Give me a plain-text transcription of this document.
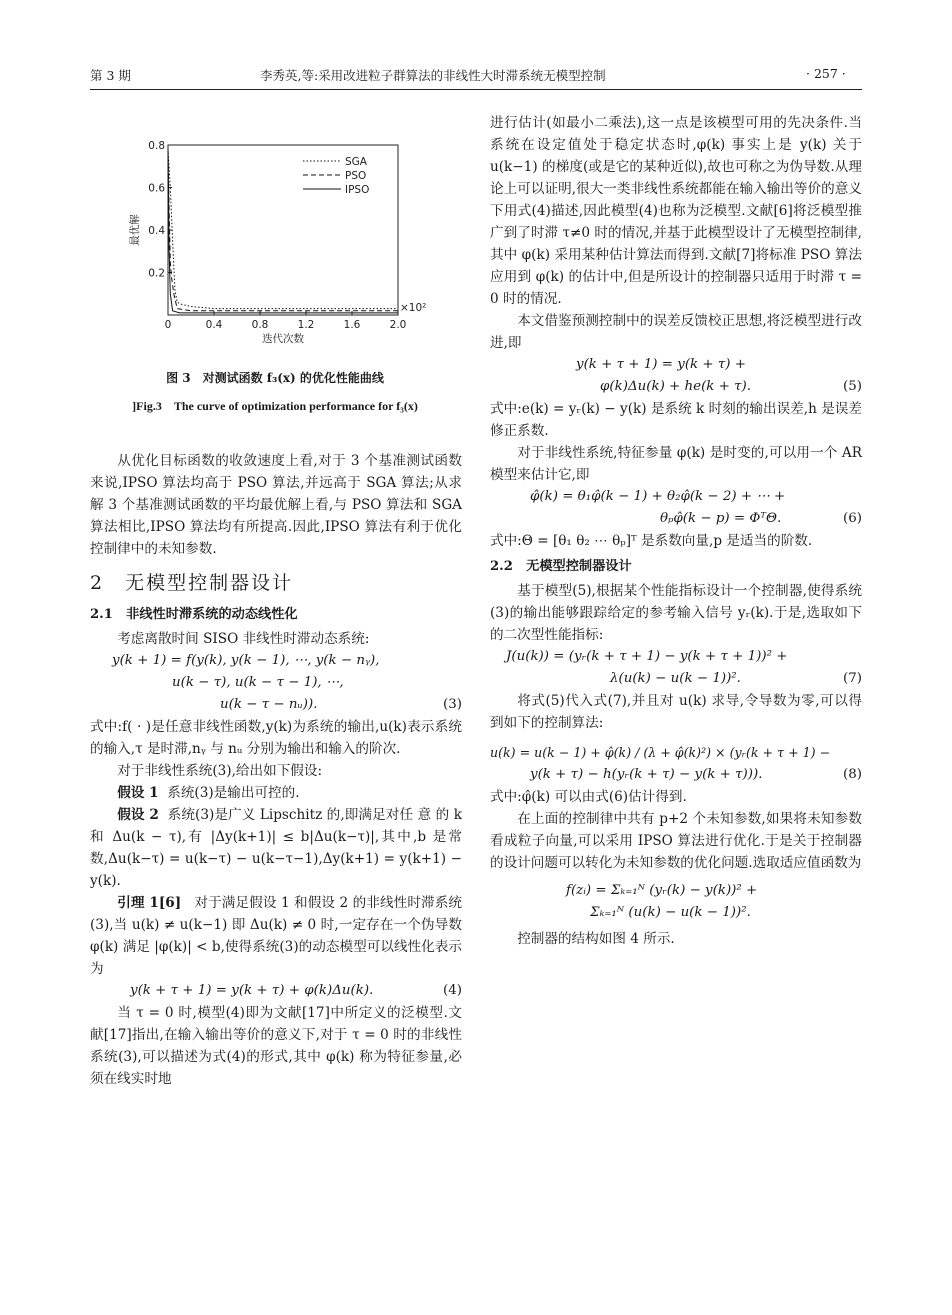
第 3 期	李秀英,等:采用改进粒子群算法的非线性大时滞系统无模型控制	· 257 ·
0	0.4	0.8	1.2	1.6	2.0
0.2
0.4
0.6
0.8
×10²
迭代次数
最优解
SGA
PSO
IPSO
图 3　对测试函数 f₃(x) 的优化性能曲线
]Fig.3　The curve of optimization performance for f₃(x)

从优化目标函数的收敛速度上看,对于 3 个基准测试函数来说,IPSO 算法均高于 PSO 算法,并远高于 SGA 算法;从求解 3 个基准测试函数的平均最优解上看,与 PSO 算法和 SGA 算法相比,IPSO 算法均有所提高.因此,IPSO 算法有利于优化控制律中的未知参数.

2　无模型控制器设计
2.1　非线性时滞系统的动态线性化

考虑离散时间 SISO 非线性时滞动态系统:

y(k + 1) = f(y(k), y(k − 1), ⋯, y(k − nᵧ),
u(k − τ), u(k − τ − 1), ⋯,
u(k − τ − nᵤ)).	(3)

式中:f( · )是任意非线性函数,y(k)为系统的输出,u(k)表示系统的输入,τ 是时滞,nᵧ 与 nᵤ 分别为输出和输入的阶次.

对于非线性系统(3),给出如下假设:

假设 1 系统(3)是输出可控的.

假设 2 系统(3)是广义 Lipschitz 的,即满足对任 意 的 k 和 Δu(k − τ),有 |Δy(k+1)| ≤ b|Δu(k−τ)|,其中,b 是常数,Δu(k−τ) = u(k−τ) − u(k−τ−1),Δy(k+1) = y(k+1) − y(k).

引理 1[6] 对于满足假设 1 和假设 2 的非线性时滞系统(3),当 u(k) ≠ u(k−1) 即 Δu(k) ≠ 0 时,一定存在一个伪导数 φ(k) 满足 |φ(k)| < b,使得系统(3)的动态模型可以线性化表示为

y(k + τ + 1) = y(k + τ) + φ(k)Δu(k).	(4)

当 τ = 0 时,模型(4)即为文献[17]中所定义的泛模型.文献[17]指出,在输入输出等价的意义下,对于 τ = 0 时的非线性系统(3),可以描述为式(4)的形式,其中 φ(k) 称为特征参量,必须在线实时地

进行估计(如最小二乘法),这一点是该模型可用的先决条件.当系统在设定值处于稳定状态时,φ(k) 事实上是 y(k) 关于 u(k−1) 的梯度(或是它的某种近似),故也可称之为伪导数.从理论上可以证明,很大一类非线性系统都能在输入输出等价的意义下用式(4)描述,因此模型(4)也称为泛模型.文献[6]将泛模型推广到了时滞 τ≠0 时的情况,并基于此模型设计了无模型控制律,其中 φ(k) 采用某种估计算法而得到.文献[7]将标准 PSO 算法应用到 φ(k) 的估计中,但是所设计的控制器只适用于时滞 τ = 0 时的情况.

本文借鉴预测控制中的误差反馈校正思想,将泛模型进行改进,即

y(k + τ + 1) = y(k + τ) +
φ(k)Δu(k) + he(k + τ).	(5)

式中:e(k) = yᵣ(k) − y(k) 是系统 k 时刻的输出误差,h 是误差修正系数.

对于非线性系统,特征参量 φ(k) 是时变的,可以用一个 AR 模型来估计它,即

φ̂(k) = θ₁φ̂(k − 1) + θ₂φ̂(k − 2) + ⋯ +
θₚφ̂(k − p) = ΦᵀΘ.	(6)

式中:Θ = [θ₁ θ₂ ⋯ θₚ]ᵀ 是系数向量,p 是适当的阶数.

2.2　无模型控制器设计

基于模型(5),根据某个性能指标设计一个控制器,使得系统(3)的输出能够跟踪给定的参考输入信号 yᵣ(k).于是,选取如下的二次型性能指标:

J(u(k)) = (yᵣ(k + τ + 1) − y(k + τ + 1))² +
λ(u(k) − u(k − 1))².	(7)

将式(5)代入式(7),并且对 u(k) 求导,令导数为零,可以得到如下的控制算法:

u(k) = u(k − 1) + φ̂(k) / (λ + φ̂(k)²) × (yᵣ(k + τ + 1) −
y(k + τ) − h(yᵣ(k + τ) − y(k + τ))).	(8)

式中:φ̂(k) 可以由式(6)估计得到.

在上面的控制律中共有 p+2 个未知参数,如果将未知参数看成粒子向量,可以采用 IPSO 算法进行优化.于是关于控制器的设计问题可以转化为未知参数的优化问题.选取适应值函数为

f(zᵢ) = Σₖ₌₁ᴺ (yᵣ(k) − y(k))² +
Σₖ₌₁ᴺ (u(k) − u(k − 1))².

控制器的结构如图 4 所示.
